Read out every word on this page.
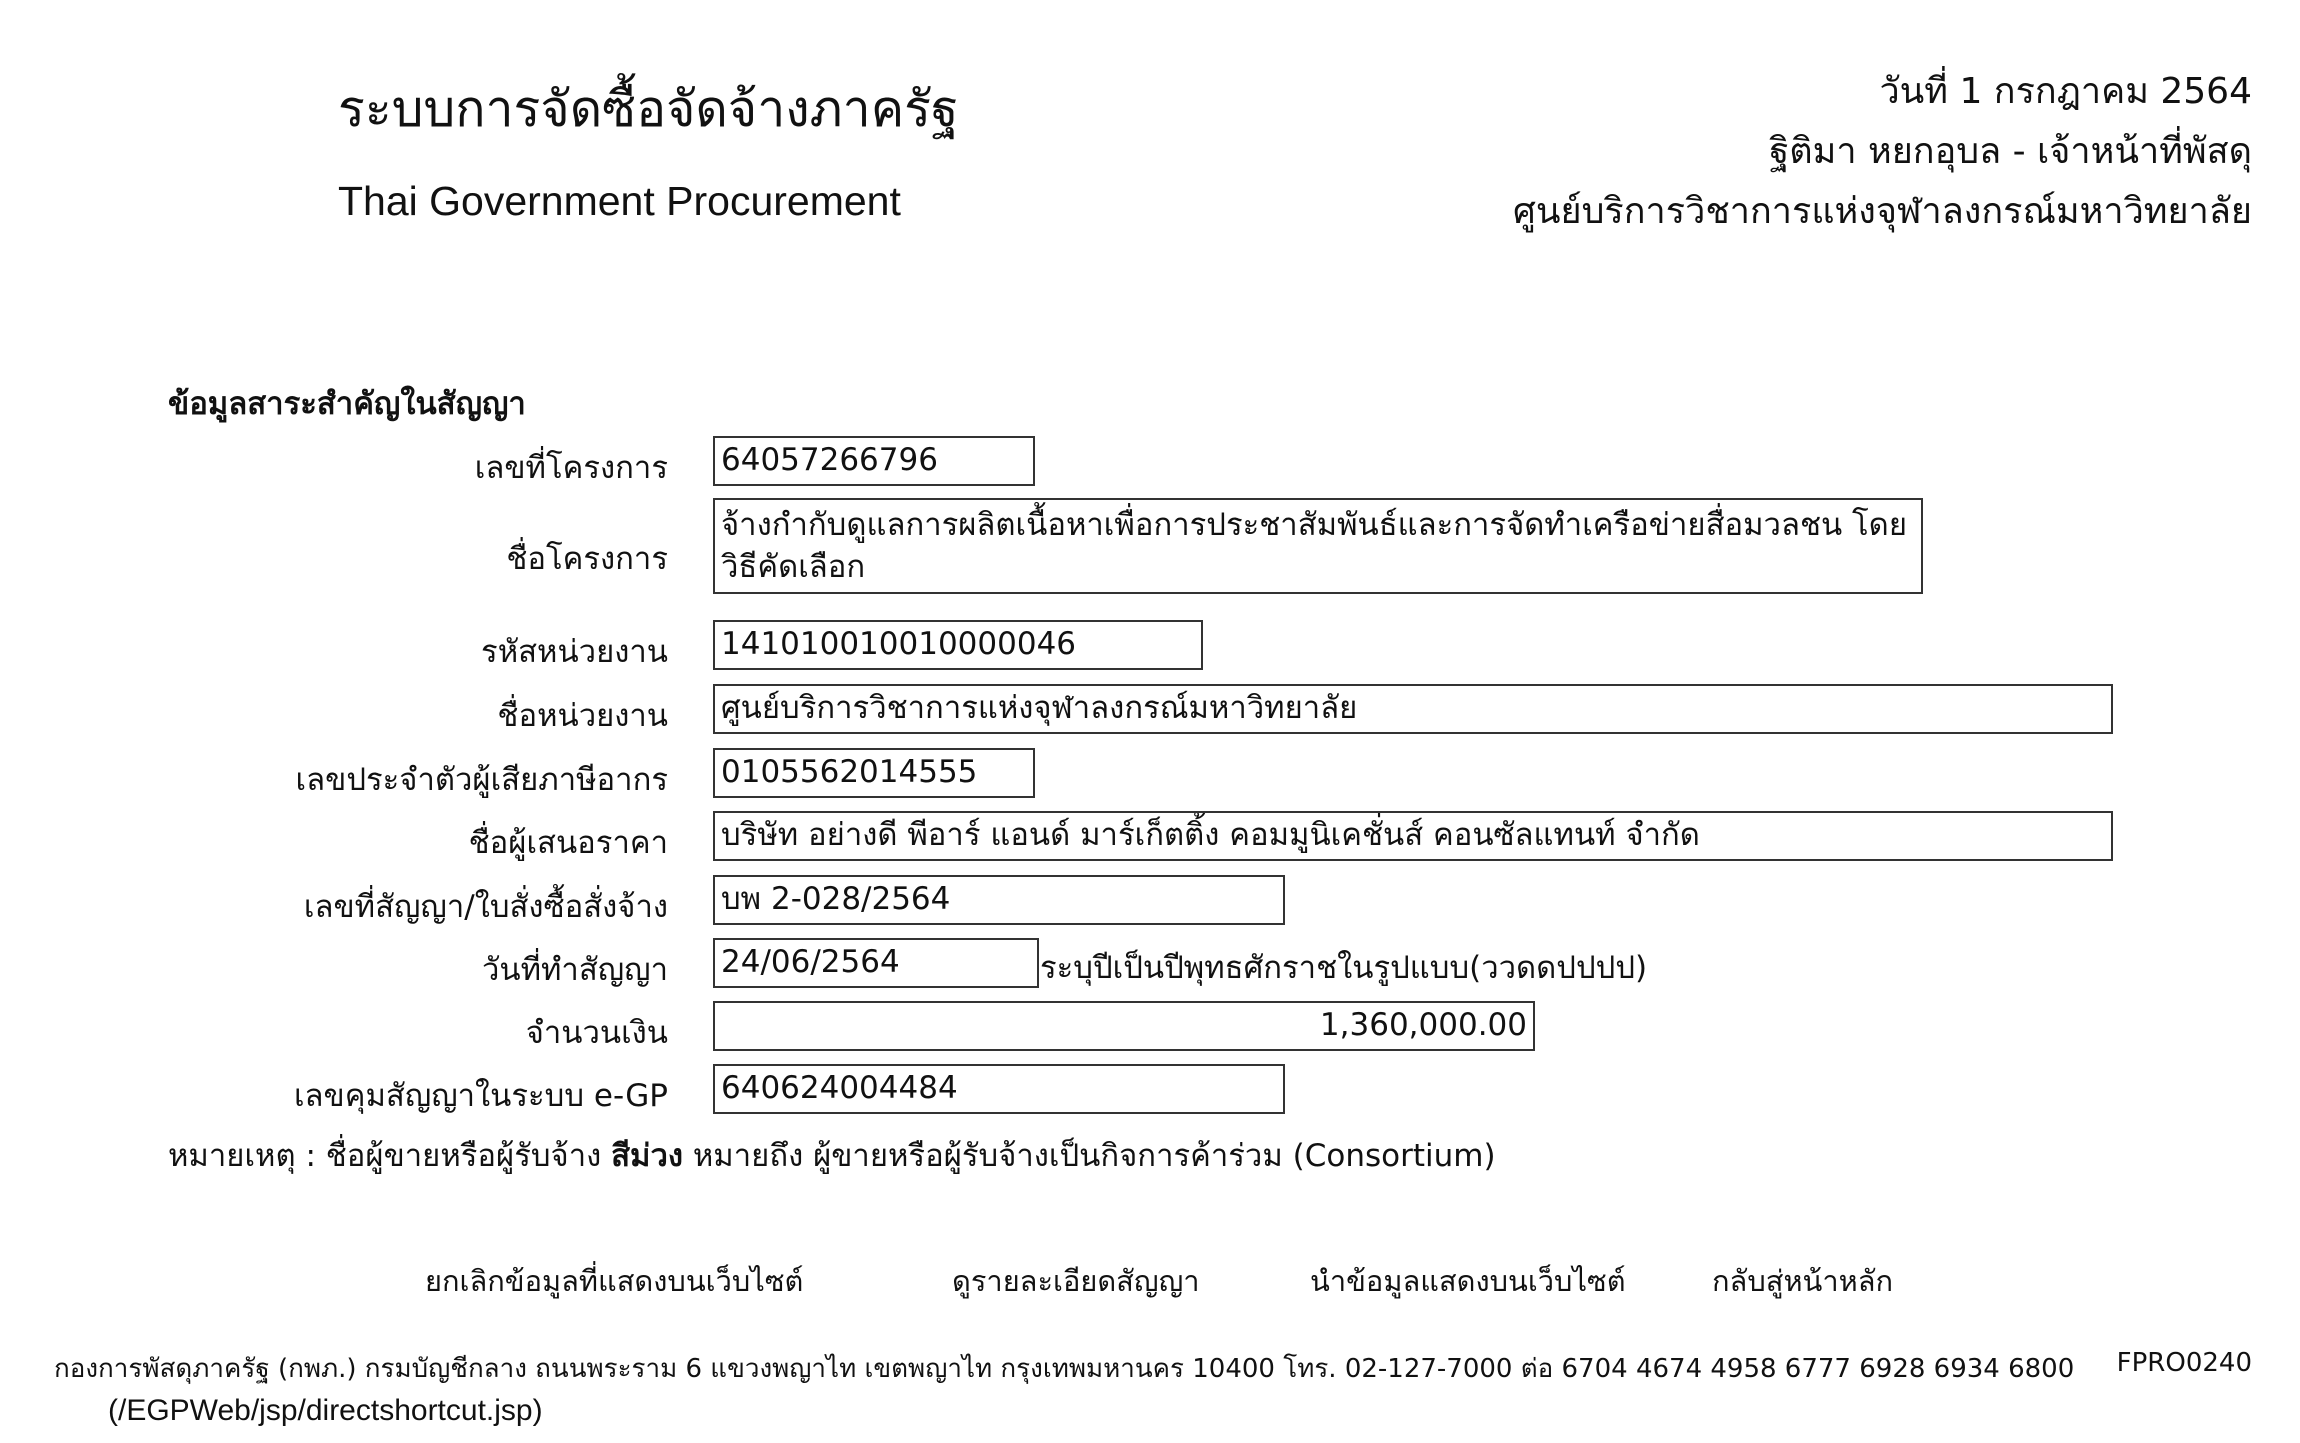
ระบบการจัดซื้อจัดจ้างภาครัฐ
Thai Government Procurement
วันที่ 1 กรกฎาคม 2564
ฐิติมา หยกอุบล - เจ้าหน้าที่พัสดุ
ศูนย์บริการวิชาการแห่งจุฬาลงกรณ์มหาวิทยาลัย
ข้อมูลสาระสำคัญในสัญญา
เลขที่โครงการ 64057266796
ชื่อโครงการ
จ้างกำกับดูแลการผลิตเนื้อหาเพื่อการประชาสัมพันธ์และการจัดทำเครือข่ายสื่อมวลชน โดยวิธีคัดเลือก
รหัสหน่วยงาน 141010010010000046
ชื่อหน่วยงาน ศูนย์บริการวิชาการแห่งจุฬาลงกรณ์มหาวิทยาลัย
เลขประจำตัวผู้เสียภาษีอากร 0105562014555
ชื่อผู้เสนอราคา บริษัท อย่างดี พีอาร์ แอนด์ มาร์เก็ตติ้ง คอมมูนิเคชั่นส์ คอนซัลแทนท์ จำกัด
เลขที่สัญญา/ใบสั่งซื้อสั่งจ้าง บพ 2-028/2564
วันที่ทำสัญญา 24/06/2564	ระบุปีเป็นปีพุทธศักราชในรูปแบบ(ววดดปปปป)
จำนวนเงิน	1,360,000.00
เลขคุมสัญญาในระบบ e-GP 640624004484
หมายเหตุ : ชื่อผู้ขายหรือผู้รับจ้าง สีม่วง หมายถึง ผู้ขายหรือผู้รับจ้างเป็นกิจการค้าร่วม (Consortium)
ยกเลิกข้อมูลที่แสดงบนเว็บไซต์	ดูรายละเอียดสัญญา	นำข้อมูลแสดงบนเว็บไซต์	กลับสู่หน้าหลัก
กองการพัสดุภาครัฐ (กพภ.) กรมบัญชีกลาง ถนนพระราม 6 แขวงพญาไท เขตพญาไท กรุงเทพมหานคร 10400 โทร. 02-127-7000 ต่อ 6704 4674 4958 6777 6928 6934 6800 FPRO0240
(/EGPWeb/jsp/directshortcut.jsp)
